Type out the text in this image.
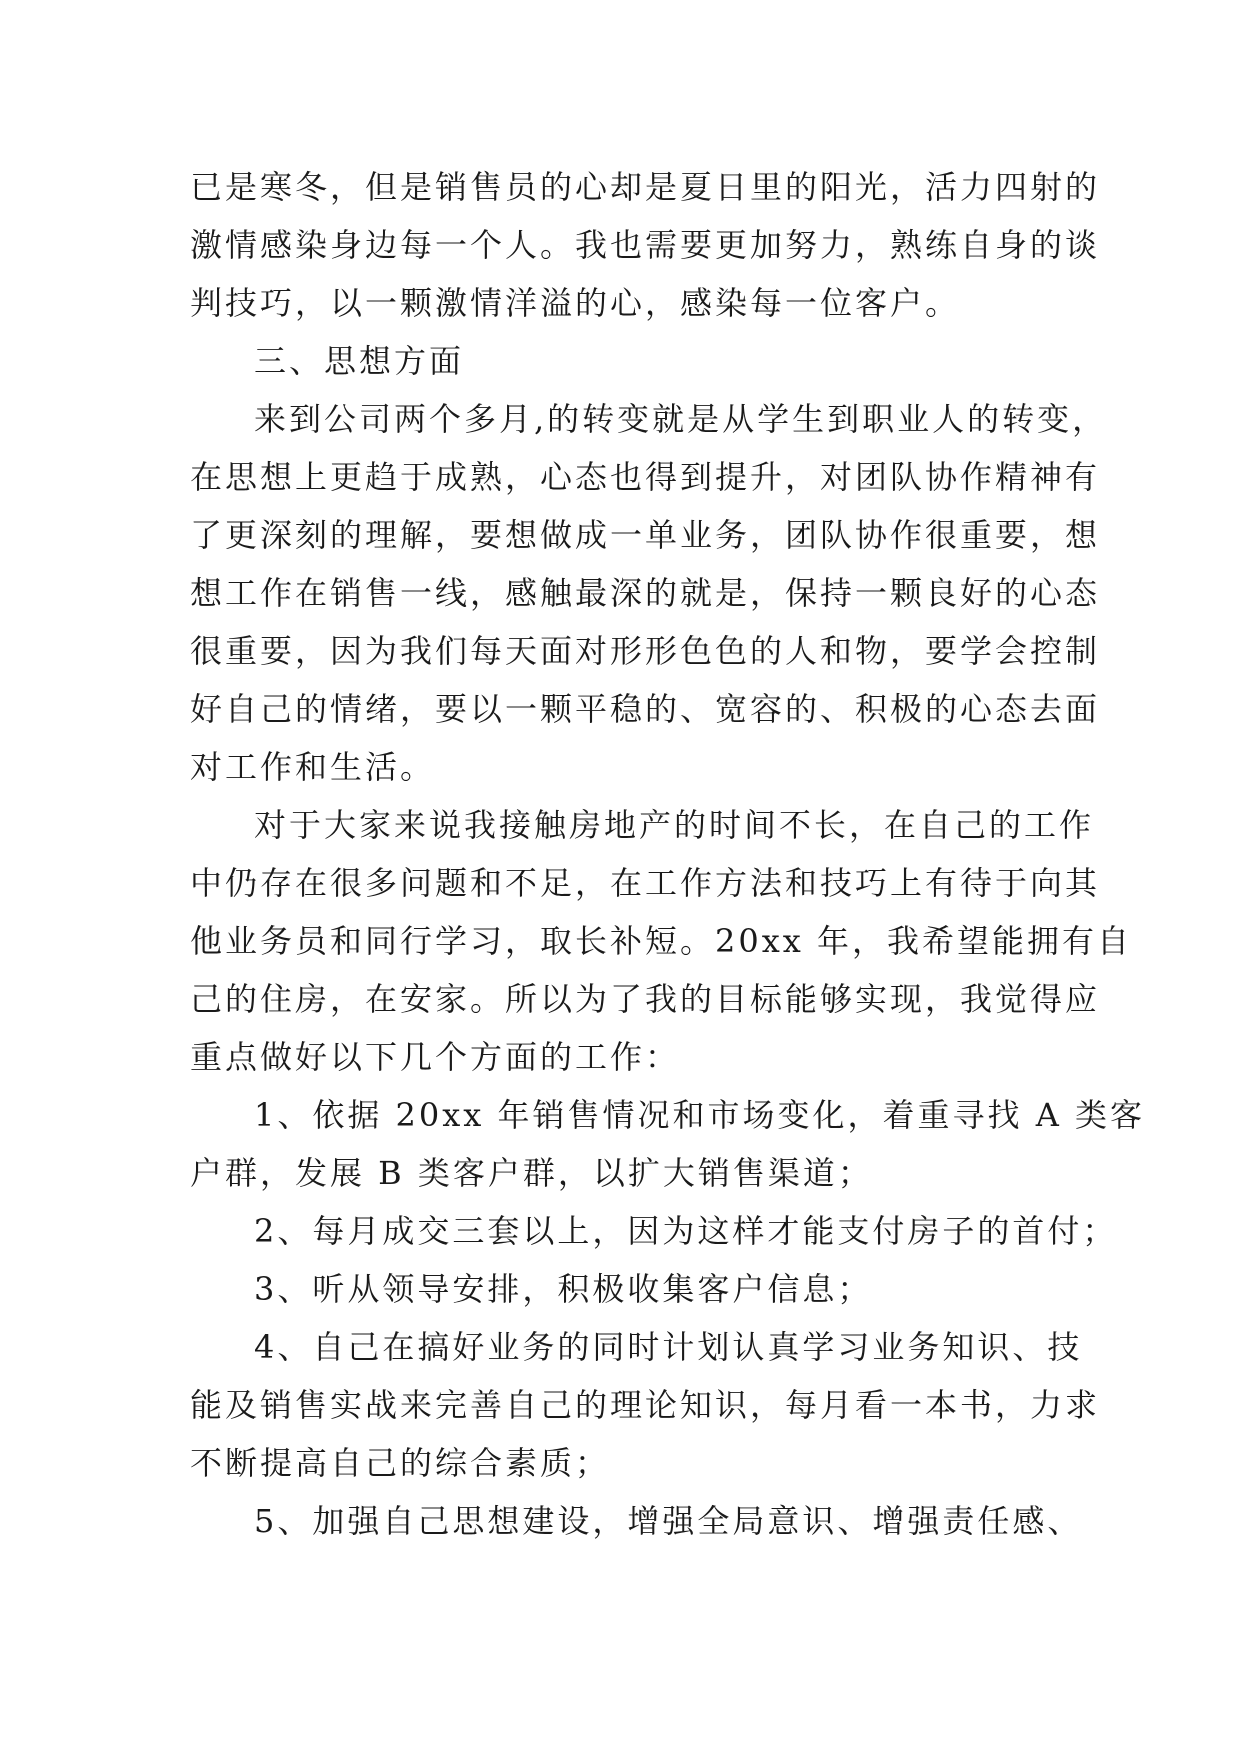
已是寒冬，但是销售员的心却是夏日里的阳光，活力四射的
激情感染身边每一个人。我也需要更加努力，熟练自身的谈
判技巧，以一颗激情洋溢的心，感染每一位客户。

三、思想方面

来到公司两个多月,的转变就是从学生到职业人的转变，
在思想上更趋于成熟，心态也得到提升，对团队协作精神有
了更深刻的理解，要想做成一单业务，团队协作很重要，想
想工作在销售一线，感触最深的就是，保持一颗良好的心态
很重要，因为我们每天面对形形色色的人和物，要学会控制
好自己的情绪，要以一颗平稳的、宽容的、积极的心态去面
对工作和生活。

对于大家来说我接触房地产的时间不长，在自己的工作
中仍存在很多问题和不足，在工作方法和技巧上有待于向其
他业务员和同行学习，取长补短。20xx 年，我希望能拥有自
己的住房，在安家。所以为了我的目标能够实现，我觉得应
重点做好以下几个方面的工作：

1、依据 20xx 年销售情况和市场变化，着重寻找 A 类客
户群，发展 B 类客户群，以扩大销售渠道；

2、每月成交三套以上，因为这样才能支付房子的首付；

3、听从领导安排，积极收集客户信息；

4、自己在搞好业务的同时计划认真学习业务知识、技
能及销售实战来完善自己的理论知识，每月看一本书，力求
不断提高自己的综合素质；

5、加强自己思想建设，增强全局意识、增强责任感、
